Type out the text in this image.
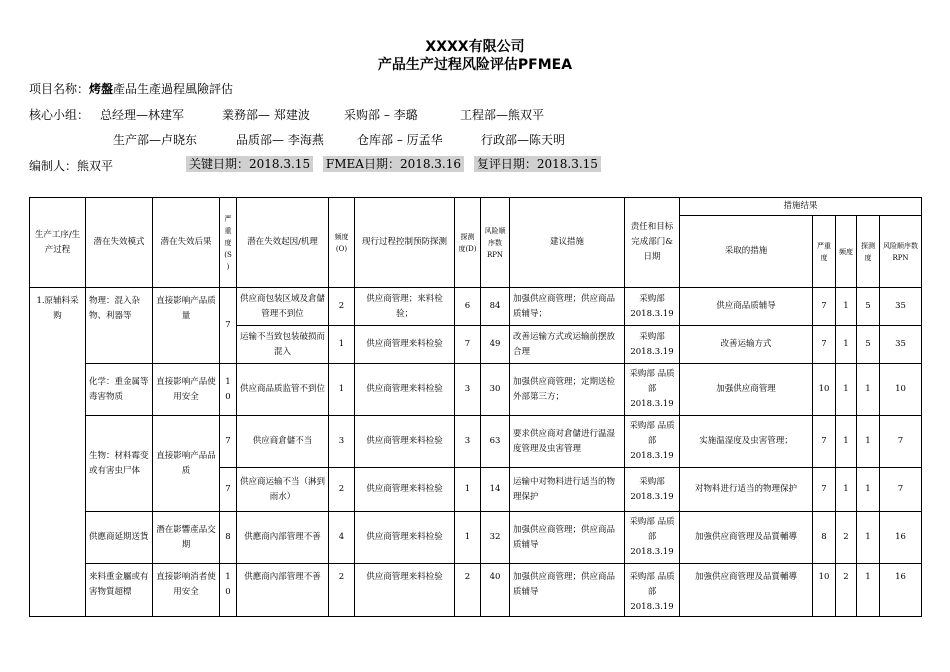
XXXX有限公司
产品生产过程风险评估PFMEA
项目名称：烤盤產品生產過程風險評估
核心小组： 总经理—林建军	業務部— 郑建波	采购部 – 李璐	工程部—熊双平
生产部—卢晓东	品质部— 李海燕	仓库部 – 厉孟华	行政部—陈天明
编制人：熊双平	关键日期：2018.3.15 FMEA日期：2018.3.16 复评日期：2018.3.15
生产工序/生产过程	潜在失效模式	潜在失效后果	严重度(S)	潜在失效起因/机理	频度(O)	现行过程控制预防探测	探测度(D)	风险顺序数RPN	建议措施	责任和目标完成部门&日期	措施结果				
											采取的措施	严重度	频度	探测度	风险顺序数RPN
1.原辅料采购	物理：混入杂物、利器等	直接影响产品质量	7	供应商包装区域及倉儲管理不到位	2	供应商管理；来料检验；	6	84	加强供应商管理；供应商品质辅导；	采购部 2018.3.19	供应商品质辅导	7	1	5	35
				运输不当致包装破损而混入	1	供应商管理来料检验	7	49	改善运输方式或运输前摆放合理	采购部 2018.3.19	改善运输方式	7	1	5	35
	化学：重金属等毒害物质	直接影响产品使用安全	10	供应商品质监管不到位	1	供应商管理来料检验	3	30	加强供应商管理；定期送检外部第三方；	采购部 品质部 2018.3.19	加强供应商管理	10	1	1	10
	生物：材料霉变或有害虫尸体	直接影响产品品质	7	供应商倉儲不当	3	供应商管理来料检验	3	63	要求供应商对倉儲进行温湿度管理及虫害管理	采购部 品质部 2018.3.19	实施温湿度及虫害管理；	7	1	1	7
			7	供应商运输不当（淋到雨水）	2	供应商管理来料检验	1	14	运输中对物料进行适当的物理保护	采购部 2018.3.19	对物料进行适当的物理保护	7	1	1	7
	供應商延期送貨	潛在影響產品交期	8	供應商內部管理不善	4	供应商管理来料检验	1	32	加强供应商管理；供应商品质辅导	采购部 品质部 2018.3.19	加強供应商管理及品質輔導	8	2	1	16
	来料重金屬或有害物質超標	直接影响消者使用安全	10	供應商內部管理不善	2	供应商管理来料检验	2	40	加强供应商管理；供应商品质辅导	采购部 品质部 2018.3.19	加強供应商管理及品質輔導	10	2	1	16
